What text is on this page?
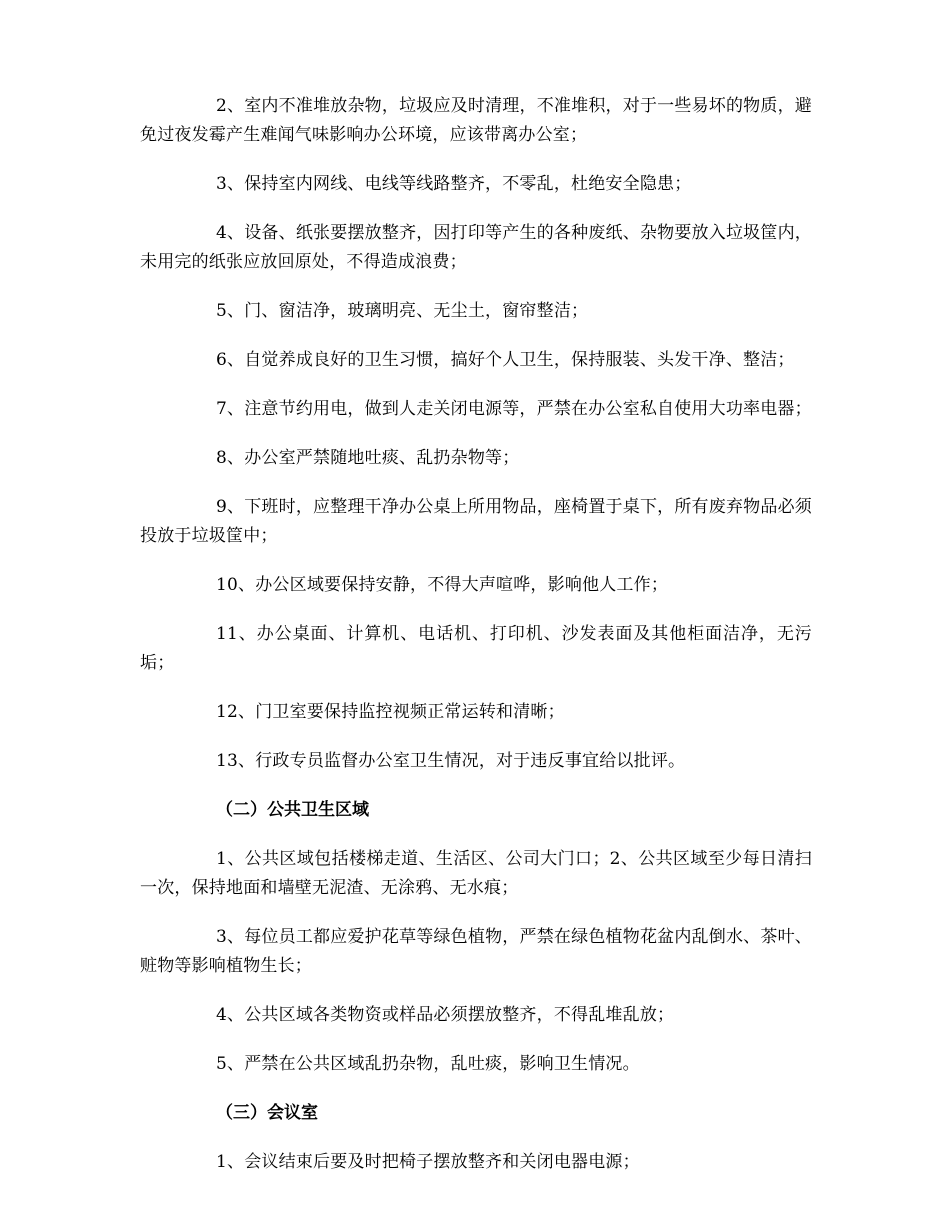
2、室内不准堆放杂物，垃圾应及时清理，不准堆积，对于一些易坏的物质，避免过夜发霉产生难闻气味影响办公环境，应该带离办公室；

3、保持室内网线、电线等线路整齐，不零乱，杜绝安全隐患；

4、设备、纸张要摆放整齐，因打印等产生的各种废纸、杂物要放入垃圾筐内，未用完的纸张应放回原处，不得造成浪费；

5、门、窗洁净，玻璃明亮、无尘土，窗帘整洁；

6、自觉养成良好的卫生习惯，搞好个人卫生，保持服装、头发干净、整洁；

7、注意节约用电，做到人走关闭电源等，严禁在办公室私自使用大功率电器；

8、办公室严禁随地吐痰、乱扔杂物等；

9、下班时，应整理干净办公桌上所用物品，座椅置于桌下，所有废弃物品必须投放于垃圾筐中；

10、办公区域要保持安静，不得大声喧哗，影响他人工作；

11、办公桌面、计算机、电话机、打印机、沙发表面及其他柜面洁净，无污垢；

12、门卫室要保持监控视频正常运转和清晰；

13、行政专员监督办公室卫生情况，对于违反事宜给以批评。

（二）公共卫生区域

1、公共区域包括楼梯走道、生活区、公司大门口；2、公共区域至少每日清扫一次，保持地面和墙壁无泥渣、无涂鸦、无水痕；

3、每位员工都应爱护花草等绿色植物，严禁在绿色植物花盆内乱倒水、茶叶、赃物等影响植物生长；

4、公共区域各类物资或样品必须摆放整齐，不得乱堆乱放；

5、严禁在公共区域乱扔杂物，乱吐痰，影响卫生情况。

（三）会议室

1、会议结束后要及时把椅子摆放整齐和关闭电器电源；
